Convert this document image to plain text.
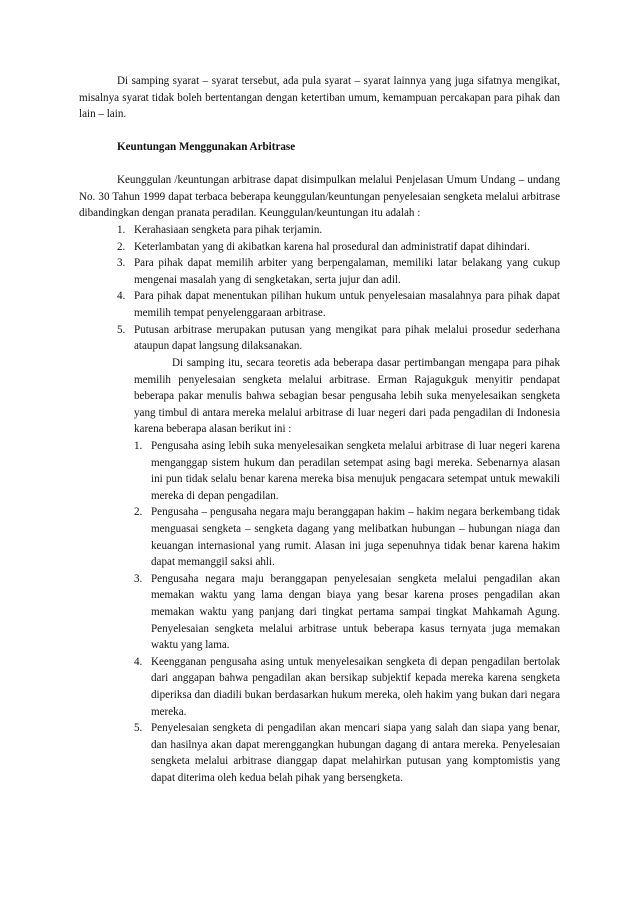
Di samping syarat – syarat tersebut, ada pula syarat – syarat lainnya yang juga sifatnya mengikat, misalnya syarat tidak boleh bertentangan dengan ketertiban umum, kemampuan percakapan para pihak dan lain – lain.

Keuntungan Menggunakan Arbitrase

Keunggulan /keuntungan arbitrase dapat disimpulkan melalui Penjelasan Umum Undang – undang No. 30 Tahun 1999 dapat terbaca beberapa keunggulan/keuntungan penyelesaian sengketa melalui arbitrase dibandingkan dengan pranata peradilan. Keunggulan/keuntungan itu adalah :

1. Kerahasiaan sengketa para pihak terjamin.
2. Keterlambatan yang di akibatkan karena hal prosedural dan administratif dapat dihindari.
3. Para pihak dapat memilih arbiter yang berpengalaman, memiliki latar belakang yang cukup mengenai masalah yang di sengketakan, serta jujur dan adil.
4. Para pihak dapat menentukan pilihan hukum untuk penyelesaian masalahnya para pihak dapat memilih tempat penyelenggaraan arbitrase.
5. Putusan arbitrase merupakan putusan yang mengikat para pihak melalui prosedur sederhana ataupun dapat langsung dilaksanakan.

Di samping itu, secara teoretis ada beberapa dasar pertimbangan mengapa para pihak memilih penyelesaian sengketa melalui arbitrase. Erman Rajagukguk menyitir pendapat beberapa pakar menulis bahwa sebagian besar pengusaha lebih suka menyelesaikan sengketa yang timbul di antara mereka melalui arbitrase di luar negeri dari pada pengadilan di Indonesia karena beberapa alasan berikut ini :

1. Pengusaha asing lebih suka menyelesaikan sengketa melalui arbitrase di luar negeri karena menganggap sistem hukum dan peradilan setempat asing bagi mereka. Sebenarnya alasan ini pun tidak selalu benar karena mereka bisa menujuk pengacara setempat untuk mewakili mereka di depan pengadilan.
2. Pengusaha – pengusaha negara maju beranggapan hakim – hakim negara berkembang tidak menguasai sengketa – sengketa dagang yang melibatkan hubungan – hubungan niaga dan keuangan internasional yang rumit. Alasan ini juga sepenuhnya tidak benar karena hakim dapat memanggil saksi ahli.
3. Pengusaha negara maju beranggapan penyelesaian sengketa melalui pengadilan akan memakan waktu yang lama dengan biaya yang besar karena proses pengadilan akan memakan waktu yang panjang dari tingkat pertama sampai tingkat Mahkamah Agung. Penyelesaian sengketa melalui arbitrase untuk beberapa kasus ternyata juga memakan waktu yang lama.
4. Keengganan pengusaha asing untuk menyelesaikan sengketa di depan pengadilan bertolak dari anggapan bahwa pengadilan akan bersikap subjektif kepada mereka karena sengketa diperiksa dan diadili bukan berdasarkan hukum mereka, oleh hakim yang bukan dari negara mereka.
5. Penyelesaian sengketa di pengadilan akan mencari siapa yang salah dan siapa yang benar, dan hasilnya akan dapat merenggangkan hubungan dagang di antara mereka. Penyelesaian sengketa melalui arbitrase dianggap dapat melahirkan putusan yang komptomistis yang dapat diterima oleh kedua belah pihak yang bersengketa.
